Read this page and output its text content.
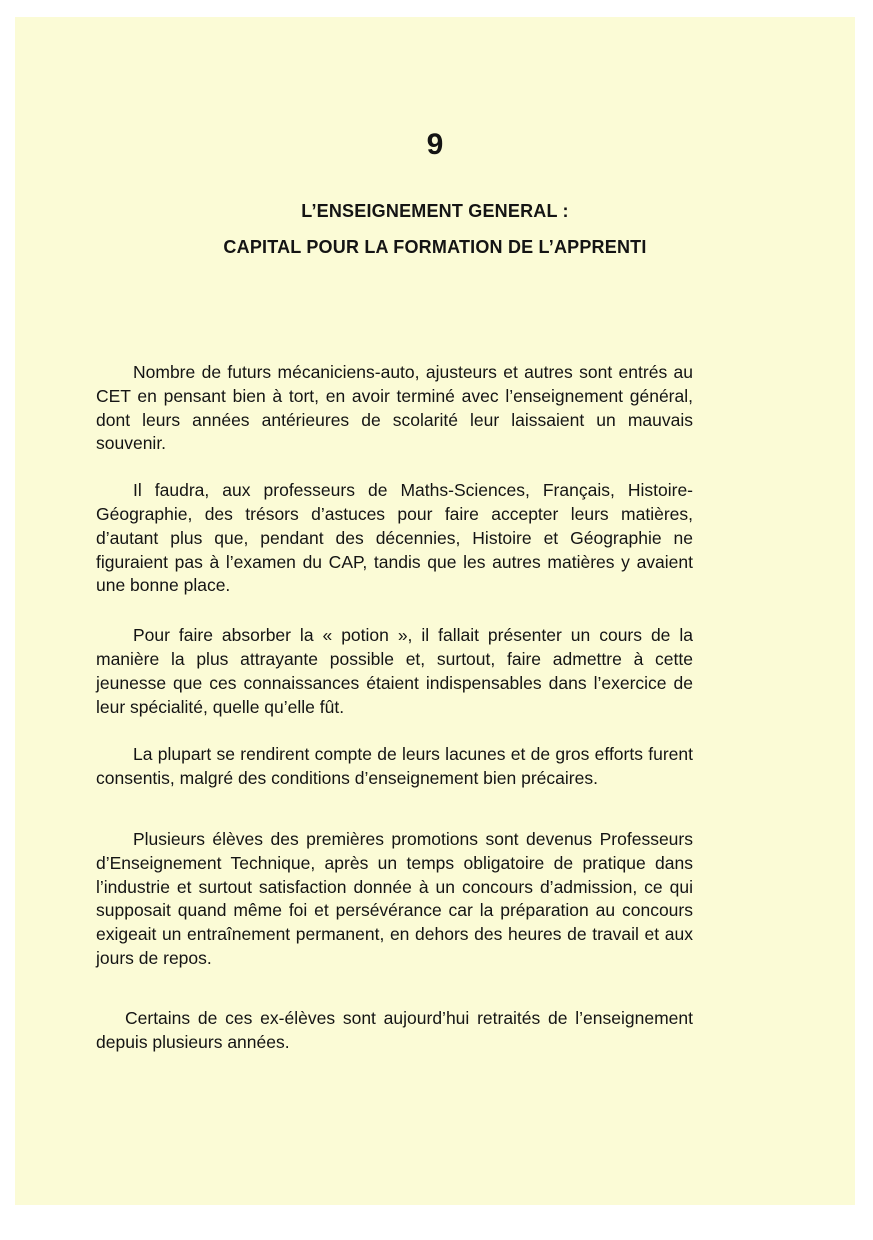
9
L’ENSEIGNEMENT GENERAL :
CAPITAL POUR LA FORMATION DE L’APPRENTI

Nombre de futurs mécaniciens-auto, ajusteurs et autres sont entrés au CET en pensant bien à tort, en avoir terminé avec l’enseignement général, dont leurs années antérieures de scolarité leur laissaient un mauvais souvenir.

Il faudra, aux professeurs de Maths-Sciences, Français, Histoire-Géographie, des trésors d’astuces pour faire accepter leurs matières, d’autant plus que, pendant des décennies, Histoire et Géographie ne figuraient pas à l’examen du CAP, tandis que les autres matières y avaient une bonne place.

Pour faire absorber la « potion », il fallait présenter un cours de la manière la plus attrayante possible et, surtout, faire admettre à cette jeunesse que ces connaissances étaient indispensables dans l’exercice de leur spécialité, quelle qu’elle fût.

La plupart se rendirent compte de leurs lacunes et de gros efforts furent consentis, malgré des conditions d’enseignement bien précaires.

Plusieurs élèves des premières promotions sont devenus Professeurs d’Enseignement Technique, après un temps obligatoire de pratique dans l’industrie et surtout satisfaction donnée à un concours d’admission, ce qui supposait quand même foi et persévérance car la préparation au concours exigeait un entraînement permanent, en dehors des heures de travail et aux jours de repos.

Certains de ces ex-élèves sont aujourd’hui retraités de l’enseignement depuis plusieurs années.
